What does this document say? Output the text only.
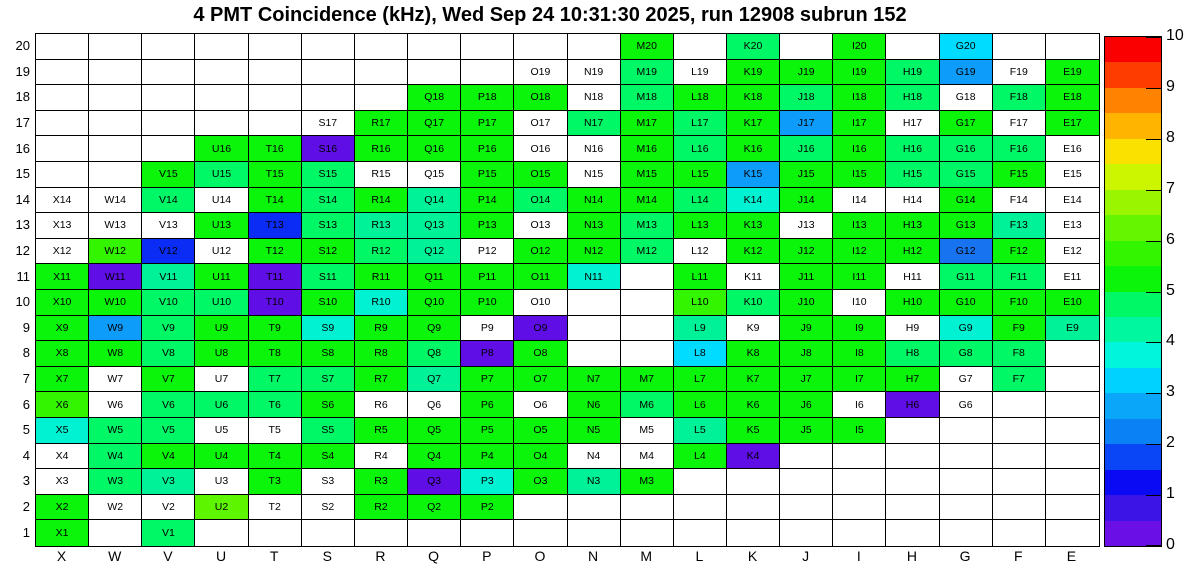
4 PMT Coincidence (kHz), Wed Sep 24 10:31:30 2025, run 12908 subrun 152
20
19
18
17
16
15
14
13
12
11
10
9
8
7
6
5
4
3
2
1
M20	K20	I20	G20
O19	N19	M19	L19	K19	J19	I19	H19	G19	F19	E19
Q18	P18	O18	N18	M18	L18	K18	J18	I18	H18	G18	F18	E18
S17	R17	Q17	P17	O17	N17	M17	L17	K17	J17	I17	H17	G17	F17	E17
U16	T16	S16	R16	Q16	P16	O16	N16	M16	L16	K16	J16	I16	H16	G16	F16	E16
V15	U15	T15	S15	R15	Q15	P15	O15	N15	M15	L15	K15	J15	I15	H15	G15	F15	E15
X14	W14	V14	U14	T14	S14	R14	Q14	P14	O14	N14	M14	L14	K14	J14	I14	H14	G14	F14	E14
X13	W13	V13	U13	T13	S13	R13	Q13	P13	O13	N13	M13	L13	K13	J13	I13	H13	G13	F13	E13
X12	W12	V12	U12	T12	S12	R12	Q12	P12	O12	N12	M12	L12	K12	J12	I12	H12	G12	F12	E12
X11	W11	V11	U11	T11	S11	R11	Q11	P11	O11	N11	L11	K11	J11	I11	H11	G11	F11	E11
X10	W10	V10	U10	T10	S10	R10	Q10	P10	O10	L10	K10	J10	I10	H10	G10	F10	E10
X9	W9	V9	U9	T9	S9	R9	Q9	P9	O9	L9	K9	J9	I9	H9	G9	F9	E9
X8	W8	V8	U8	T8	S8	R8	Q8	P8	O8	L8	K8	J8	I8	H8	G8	F8
X7	W7	V7	U7	T7	S7	R7	Q7	P7	O7	N7	M7	L7	K7	J7	I7	H7	G7	F7
X6	W6	V6	U6	T6	S6	R6	Q6	P6	O6	N6	M6	L6	K6	J6	I6	H6	G6
X5	W5	V5	U5	T5	S5	R5	Q5	P5	O5	N5	M5	L5	K5	J5	I5
X4	W4	V4	U4	T4	S4	R4	Q4	P4	O4	N4	M4	L4	K4
X3	W3	V3	U3	T3	S3	R3	Q3	P3	O3	N3	M3
X2	W2	V2	U2	T2	S2	R2	Q2	P2
X1	V1
X	W	V	U	T	S	R	Q	P	O	N	M	L	K	J	I	H	G	F	E
0
1
2
3
4
5
6
7
8
9
10
